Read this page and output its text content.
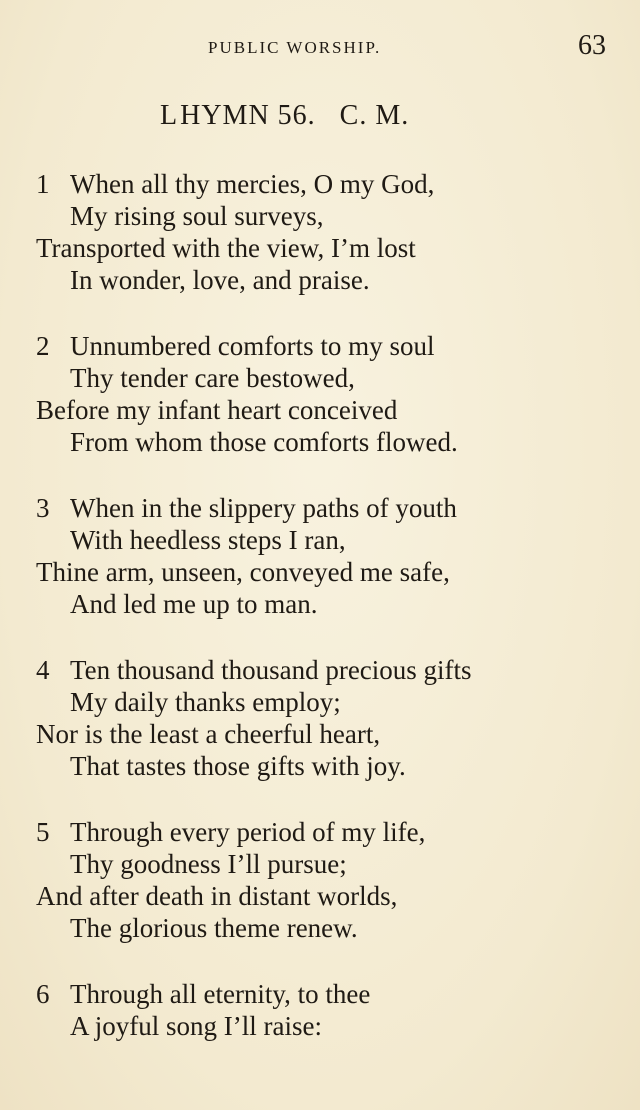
PUBLIC WORSHIP.	63
LHYMN 56. C. M.
1 When all thy mercies, O my God,
My rising soul surveys,
Transported with the view, I’m lost
In wonder, love, and praise.
2 Unnumbered comforts to my soul
Thy tender care bestowed,
Before my infant heart conceived
From whom those comforts flowed.
3 When in the slippery paths of youth
With heedless steps I ran,
Thine arm, unseen, conveyed me safe,
And led me up to man.
4 Ten thousand thousand precious gifts
My daily thanks employ;
Nor is the least a cheerful heart,
That tastes those gifts with joy.
5 Through every period of my life,
Thy goodness I’ll pursue;
And after death in distant worlds,
The glorious theme renew.
6 Through all eternity, to thee
A joyful song I’ll raise:
